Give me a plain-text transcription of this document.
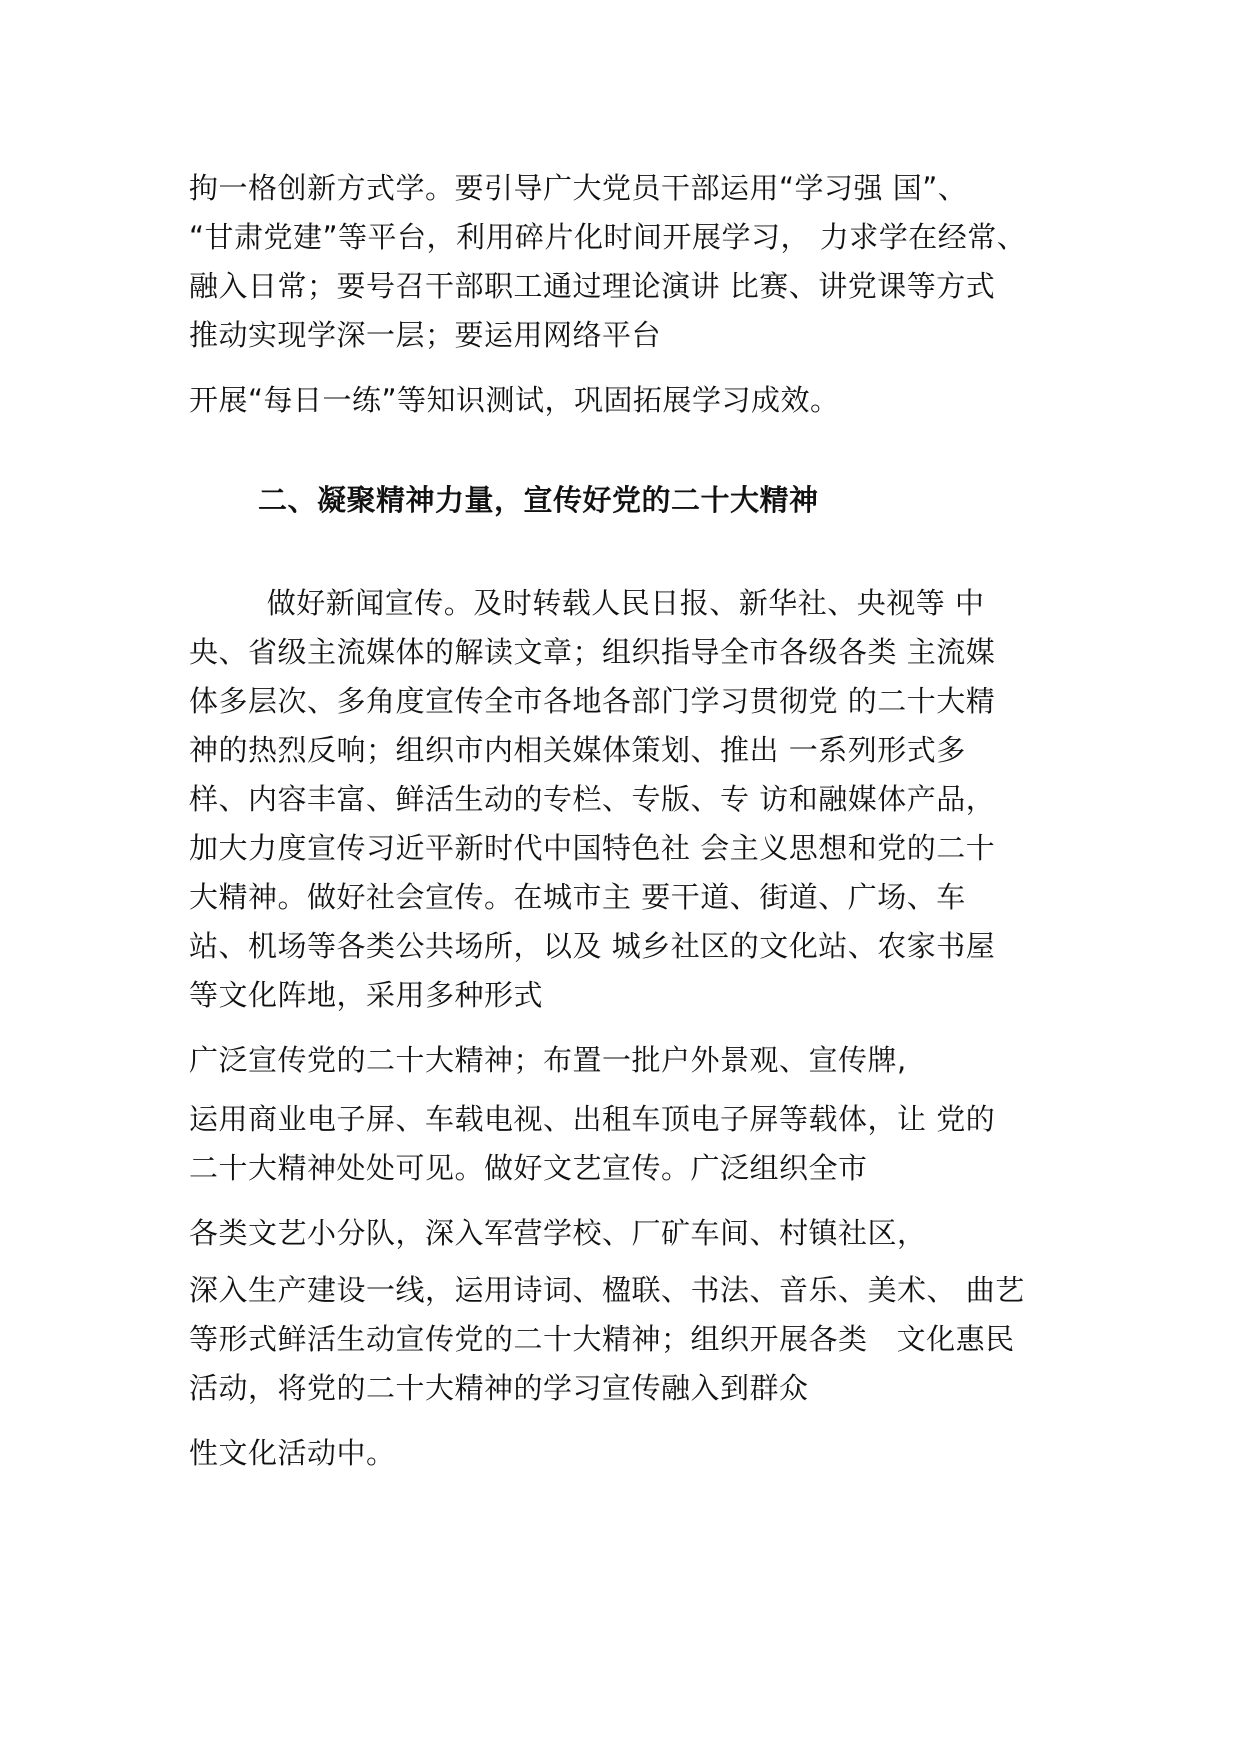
拘一格创新方式学。要引导广大党员干部运用“学习强 国”、
“甘肃党建”等平台，利用碎片化时间开展学习， 力求学在经常、
融入日常；要号召干部职工通过理论演讲 比赛、讲党课等方式
推动实现学深一层；要运用网络平台
开展“每日一练”等知识测试，巩固拓展学习成效。
二、凝聚精神力量，宣传好党的二十大精神
做好新闻宣传。及时转载人民日报、新华社、央视等 中
央、省级主流媒体的解读文章；组织指导全市各级各类 主流媒
体多层次、多角度宣传全市各地各部门学习贯彻党 的二十大精
神的热烈反响；组织市内相关媒体策划、推出 一系列形式多
样、内容丰富、鲜活生动的专栏、专版、专 访和融媒体产品，
加大力度宣传习近平新时代中国特色社 会主义思想和党的二十
大精神。做好社会宣传。在城市主 要干道、街道、广场、车
站、机场等各类公共场所，以及 城乡社区的文化站、农家书屋
等文化阵地，采用多种形式
广泛宣传党的二十大精神；布置一批户外景观、宣传牌,
运用商业电子屏、车载电视、出租车顶电子屏等载体，让 党的
二十大精神处处可见。做好文艺宣传。广泛组织全市
各类文艺小分队，深入军营学校、厂矿车间、村镇社区，
深入生产建设一线，运用诗词、楹联、书法、音乐、美术、 曲艺
等形式鲜活生动宣传党的二十大精神；组织开展各类   文化惠民
活动，将党的二十大精神的学习宣传融入到群众
性文化活动中。
